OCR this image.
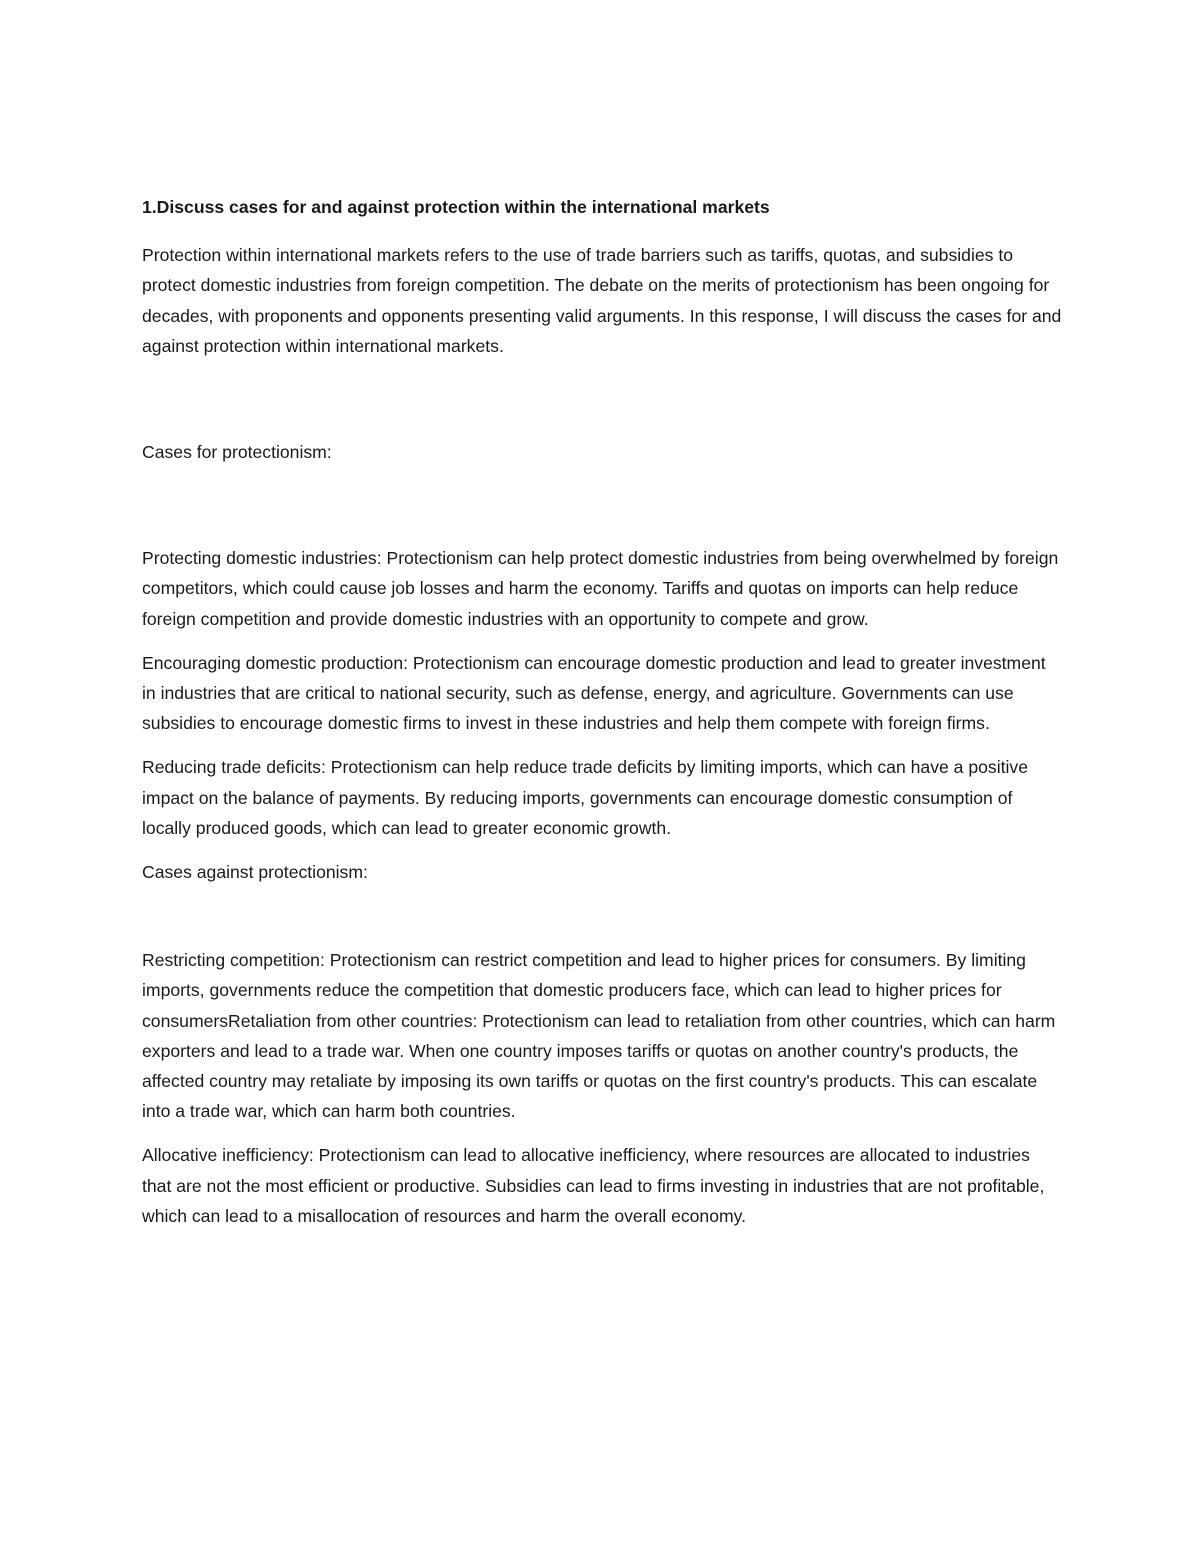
1.Discuss cases for and against protection within the international markets

Protection within international markets refers to the use of trade barriers such as tariffs, quotas, and subsidies to protect domestic industries from foreign competition. The debate on the merits of protectionism has been ongoing for decades, with proponents and opponents presenting valid arguments. In this response, I will discuss the cases for and against protection within international markets.

Cases for protectionism:

Protecting domestic industries: Protectionism can help protect domestic industries from being overwhelmed by foreign competitors, which could cause job losses and harm the economy. Tariffs and quotas on imports can help reduce foreign competition and provide domestic industries with an opportunity to compete and grow.

Encouraging domestic production: Protectionism can encourage domestic production and lead to greater investment in industries that are critical to national security, such as defense, energy, and agriculture. Governments can use subsidies to encourage domestic firms to invest in these industries and help them compete with foreign firms.

Reducing trade deficits: Protectionism can help reduce trade deficits by limiting imports, which can have a positive impact on the balance of payments. By reducing imports, governments can encourage domestic consumption of locally produced goods, which can lead to greater economic growth.

Cases against protectionism:

Restricting competition: Protectionism can restrict competition and lead to higher prices for consumers. By limiting imports, governments reduce the competition that domestic producers face, which can lead to higher prices for consumersRetaliation from other countries: Protectionism can lead to retaliation from other countries, which can harm exporters and lead to a trade war. When one country imposes tariffs or quotas on another country's products, the affected country may retaliate by imposing its own tariffs or quotas on the first country's products. This can escalate into a trade war, which can harm both countries.

Allocative inefficiency: Protectionism can lead to allocative inefficiency, where resources are allocated to industries that are not the most efficient or productive. Subsidies can lead to firms investing in industries that are not profitable, which can lead to a misallocation of resources and harm the overall economy.
